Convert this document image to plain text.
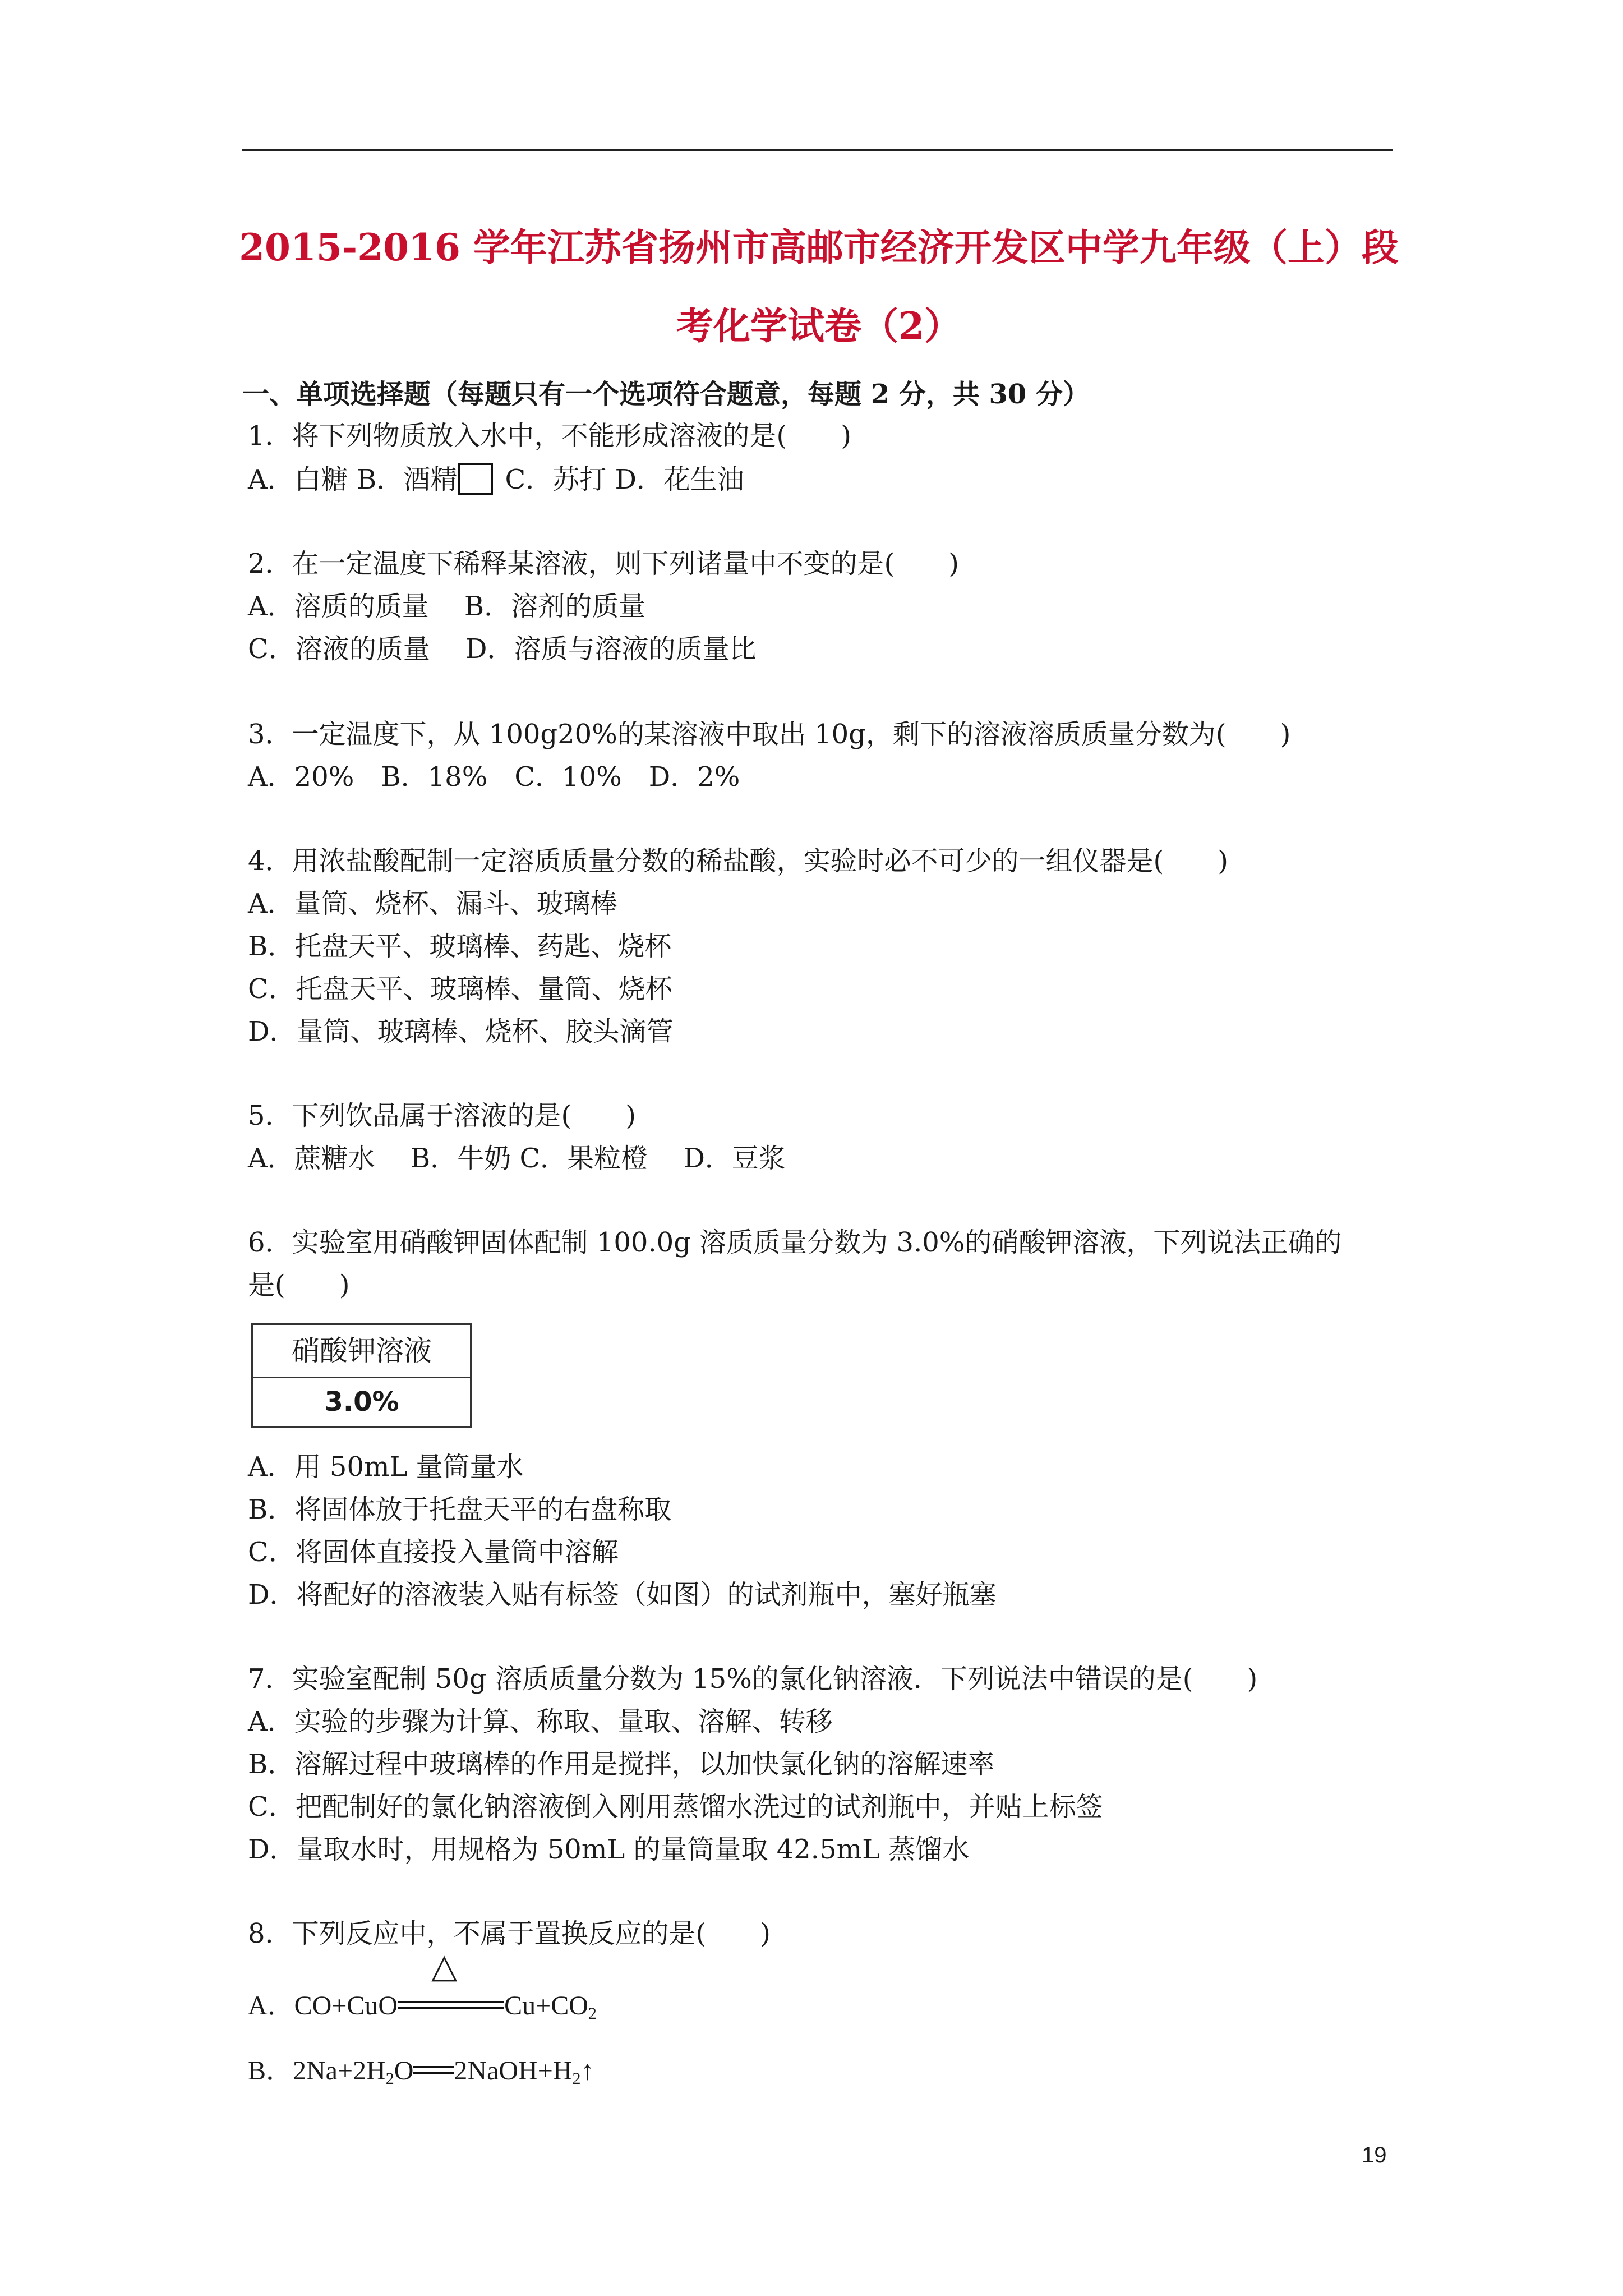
2015-2016 学年江苏省扬州市高邮市经济开发区中学九年级（上）段
考化学试卷（2）
一、单项选择题（每题只有一个选项符合题意，每题 2 分，共 30 分）
1．将下列物质放入水中，不能形成溶液的是(　　)
A．白糖 B．酒精 C．苏打 D．花生油
2．在一定温度下稀释某溶液，则下列诸量中不变的是(　　)
A．溶质的质量　 B．溶剂的质量
C．溶液的质量　 D．溶质与溶液的质量比
3．一定温度下，从 100g20%的某溶液中取出 10g，剩下的溶液溶质质量分数为(　　)
A．20%　B．18%　C．10%　D．2%
4．用浓盐酸配制一定溶质质量分数的稀盐酸，实验时必不可少的一组仪器是(　　)
A．量筒、烧杯、漏斗、玻璃棒
B．托盘天平、玻璃棒、药匙、烧杯
C．托盘天平、玻璃棒、量筒、烧杯
D．量筒、玻璃棒、烧杯、胶头滴管
5．下列饮品属于溶液的是(　　)
A．蔗糖水　 B．牛奶 C．果粒橙　 D．豆浆
6．实验室用硝酸钾固体配制 100.0g 溶质质量分数为 3.0%的硝酸钾溶液，下列说法正确的
是(　　)
硝酸钾溶液
3.0%
A．用 50mL 量筒量水
B．将固体放于托盘天平的右盘称取
C．将固体直接投入量筒中溶解
D．将配好的溶液装入贴有标签（如图）的试剂瓶中，塞好瓶塞
7．实验室配制 50g 溶质质量分数为 15%的氯化钠溶液．下列说法中错误的是(　　)
A．实验的步骤为计算、称取、量取、溶解、转移
B．溶解过程中玻璃棒的作用是搅拌，以加快氯化钠的溶解速率
C．把配制好的氯化钠溶液倒入刚用蒸馏水洗过的试剂瓶中，并贴上标签
D．量取水时，用规格为 50mL 的量筒量取 42.5mL 蒸馏水
8．下列反应中，不属于置换反应的是(　　)
A．CO+CuO
△
$Cu+CO_2$
B．$2Na+2H_2O$ $2NaOH+H_2↑$
19
